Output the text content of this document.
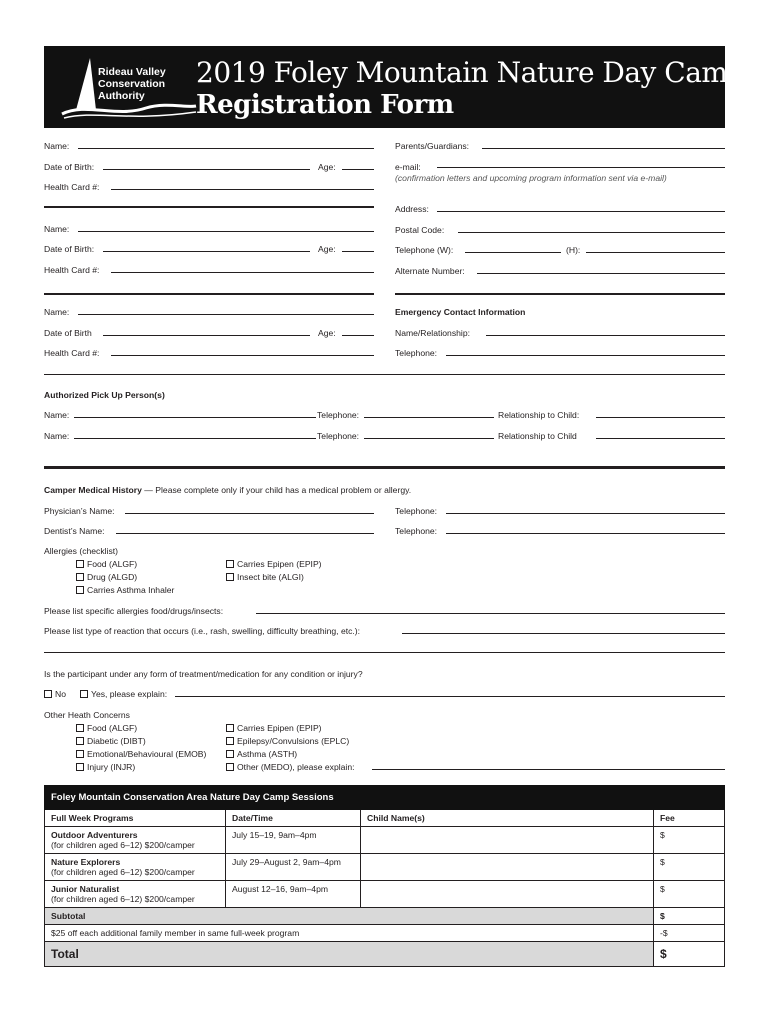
Rideau Valley
Conservation
Authority
2019 Foley Mountain Nature Day Camp
Registration Form
Name:
Date of Birth:	Age:
Health Card #:
Parents/Guardians:
e-mail:
(confirmation letters and upcoming program information sent via e-mail)
Address:
Postal Code:
Telephone (W):	(H):
Alternate Number:
Name:
Date of Birth:	Age:
Health Card #:
Name:
Date of Birth	Age:
Health Card #:
Emergency Contact Information
Name/Relationship:
Telephone:
Authorized Pick Up Person(s)
Name:	Telephone:	Relationship to Child:
Name:	Telephone:	Relationship to Child
Camper Medical History — Please complete only if your child has a medical problem or allergy.
Physician’s Name:	Telephone:
Dentist’s Name:	Telephone:
Allergies (checklist)
Food (ALGF)
Drug (ALGD)
Carries Asthma Inhaler
Carries Epipen (EPIP)
Insect bite (ALGI)
Please list specific allergies food/drugs/insects:
Please list type of reaction that occurs (i.e., rash, swelling, difficulty breathing, etc.):
Is the participant under any form of treatment/medication for any condition or injury?
No	Yes, please explain:
Other Heath Concerns
Food (ALGF)
Diabetic (DIBT)
Emotional/Behavioural (EMOB)
Injury (INJR)
Carries Epipen (EPIP)
Epilepsy/Convulsions (EPLC)
Asthma (ASTH)
Other (MEDO), please explain:
Foley Mountain Conservation Area Nature Day Camp Sessions			
Full Week Programs	Date/Time	Child Name(s)	Fee

Outdoor Adventurers
(for children aged 6–12) $200/camper	July 15–19, 9am–4pm		$

Nature Explorers
(for children aged 6–12) $200/camper	July 29–August 2, 9am–4pm		$

Junior Naturalist
(for children aged 6–12) $200/camper	August 12–16, 9am–4pm		$
Subtotal			$
$25 off each additional family member in same full-week program			-$
Total			$
